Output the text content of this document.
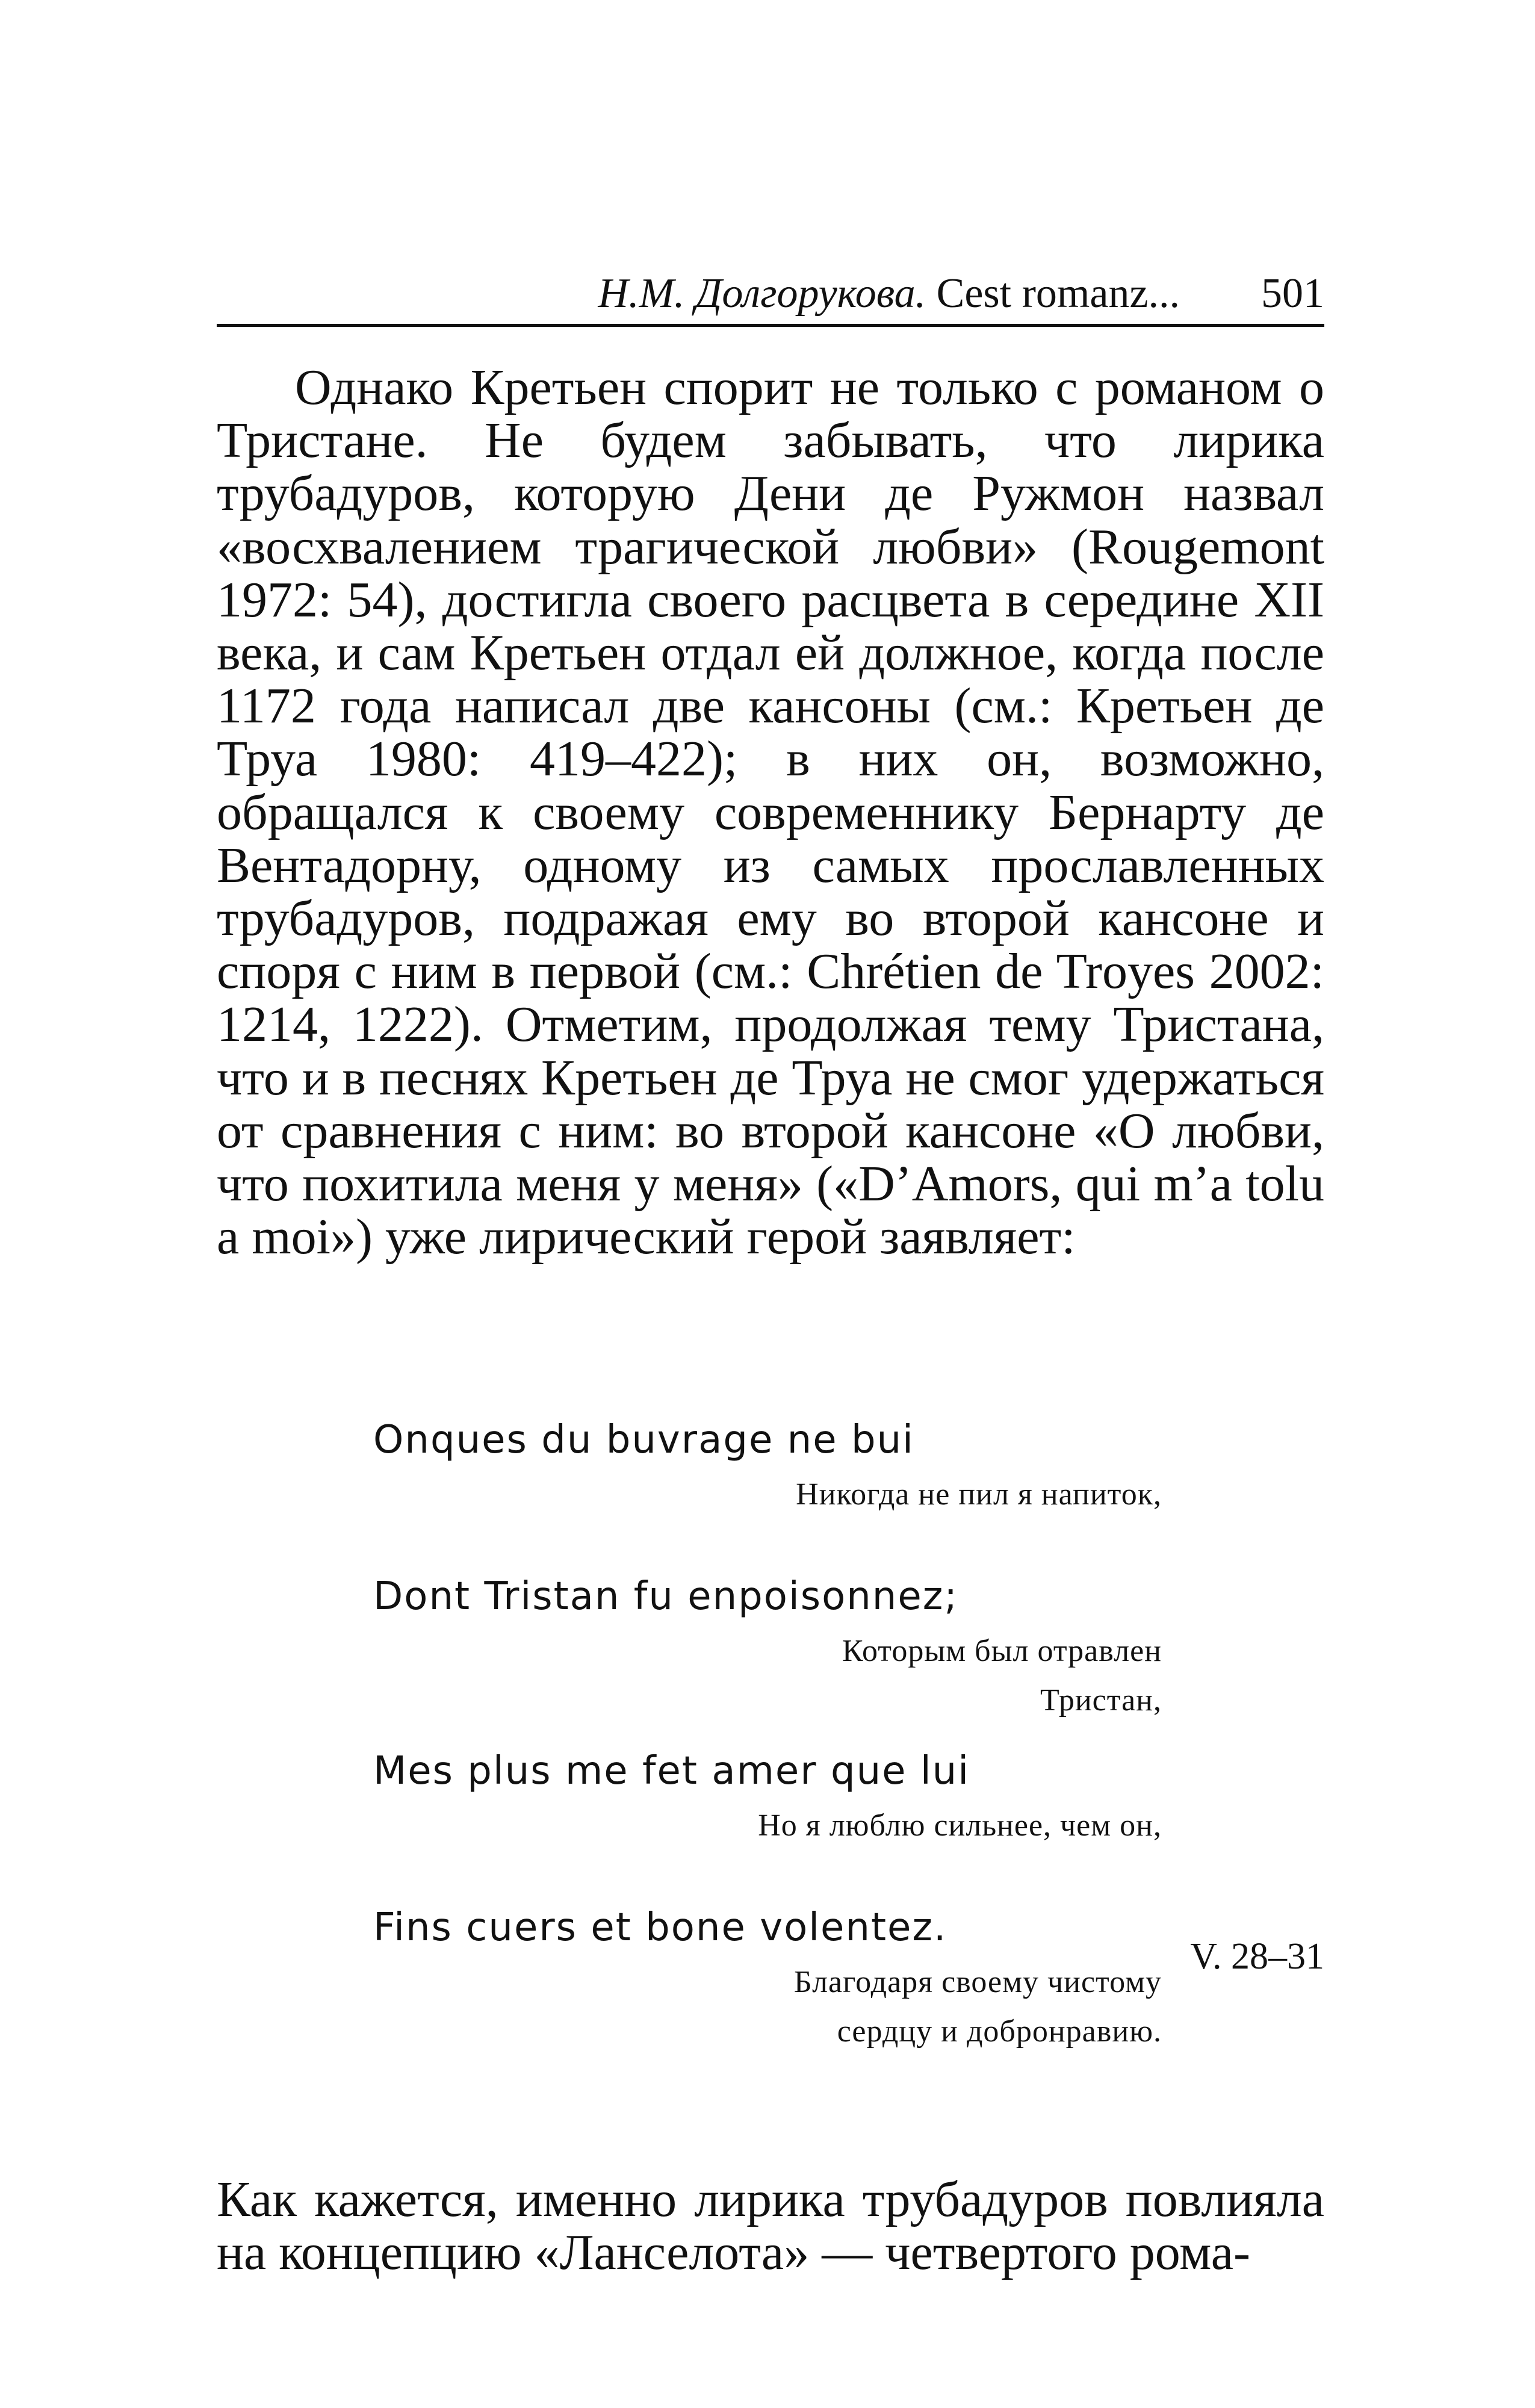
Н.М. Долгорукова. Cest romanz... 501

Однако Кретьен спорит не только с романом о Тристане. Не будем забывать, что лирика трубадуров, которую Дени де Ружмон назвал «восхвалением трагической любви» (Rougemont 1972: 54), достигла своего расцвета в середине XII века, и сам Кретьен отдал ей должное, когда после 1172 года написал две кансоны (см.: Кретьен де Труа 1980: 419–422); в них он, возможно, обращался к своему современнику Бернарту де Вентадорну, одному из самых прославленных трубадуров, подражая ему во второй кансоне и споря с ним в первой (см.: Chrétien de Troyes 2002: 1214, 1222). Отметим, продолжая тему Тристана, что и в песнях Кретьен де Труа не смог удержаться от сравнения с ним: во второй кансоне «О любви, что похитила меня у меня» («D’Amors, qui m’a tolu a moi») уже лирический герой заявляет:

Onques du buvrage ne bui
Никогда не пил я напиток,
Dont Tristan fu enpoisonnez;
Которым был отравлен
Тристан,
Mes plus me fet amer que lui
Но я люблю сильнее, чем он,
Fins cuers et bone volentez.
Благодаря своему чистому
сердцу и добронравию.
V. 28–31

Как кажется, именно лирика трубадуров повлияла на концепцию «Ланселота» — четвертого рома-
